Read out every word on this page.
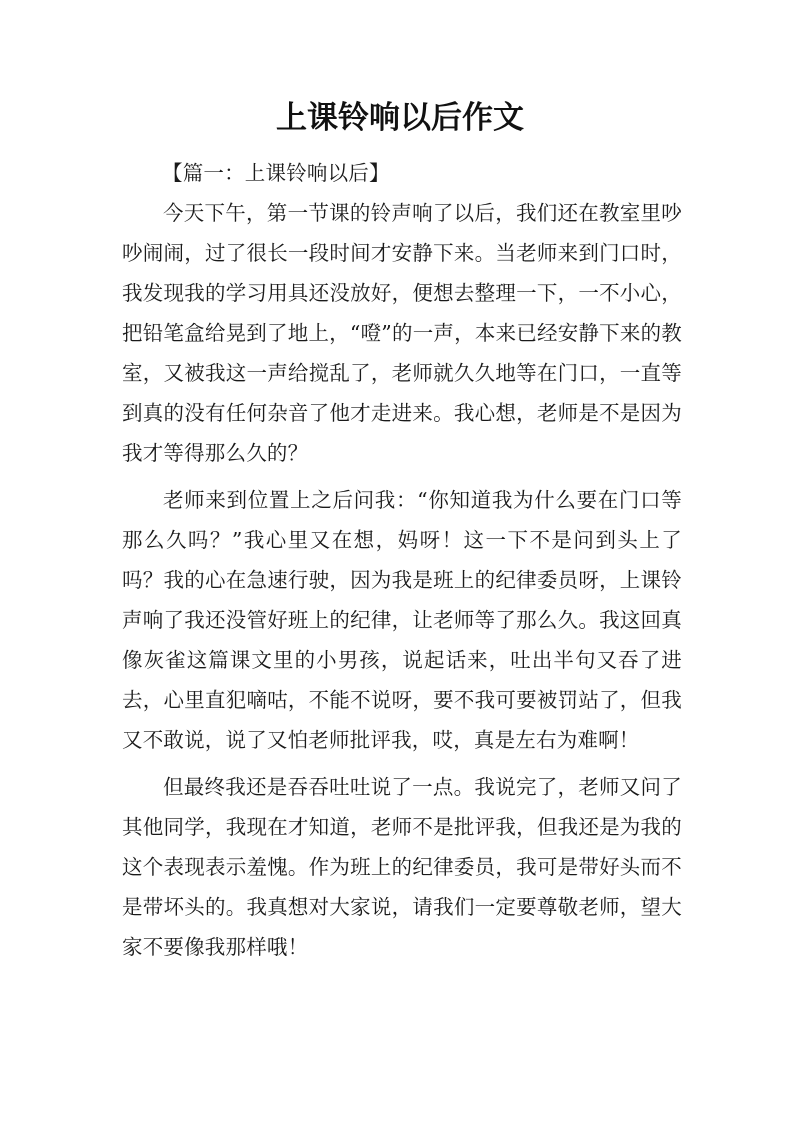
上课铃响以后作文

【篇一：上课铃响以后】

今天下午，第一节课的铃声响了以后，我们还在教室里吵吵闹闹，过了很长一段时间才安静下来。当老师来到门口时，我发现我的学习用具还没放好，便想去整理一下，一不小心，把铅笔盒给晃到了地上，“噔”的一声，本来已经安静下来的教室，又被我这一声给搅乱了，老师就久久地等在门口，一直等到真的没有任何杂音了他才走进来。我心想，老师是不是因为我才等得那么久的？

老师来到位置上之后问我：“你知道我为什么要在门口等那么久吗？”我心里又在想，妈呀！这一下不是问到头上了吗？我的心在急速行驶，因为我是班上的纪律委员呀，上课铃声响了我还没管好班上的纪律，让老师等了那么久。我这回真像灰雀这篇课文里的小男孩，说起话来，吐出半句又吞了进去，心里直犯嘀咕，不能不说呀，要不我可要被罚站了，但我又不敢说，说了又怕老师批评我，哎，真是左右为难啊！

但最终我还是吞吞吐吐说了一点。我说完了，老师又问了其他同学，我现在才知道，老师不是批评我，但我还是为我的这个表现表示羞愧。作为班上的纪律委员，我可是带好头而不是带坏头的。我真想对大家说，请我们一定要尊敬老师，望大家不要像我那样哦！
